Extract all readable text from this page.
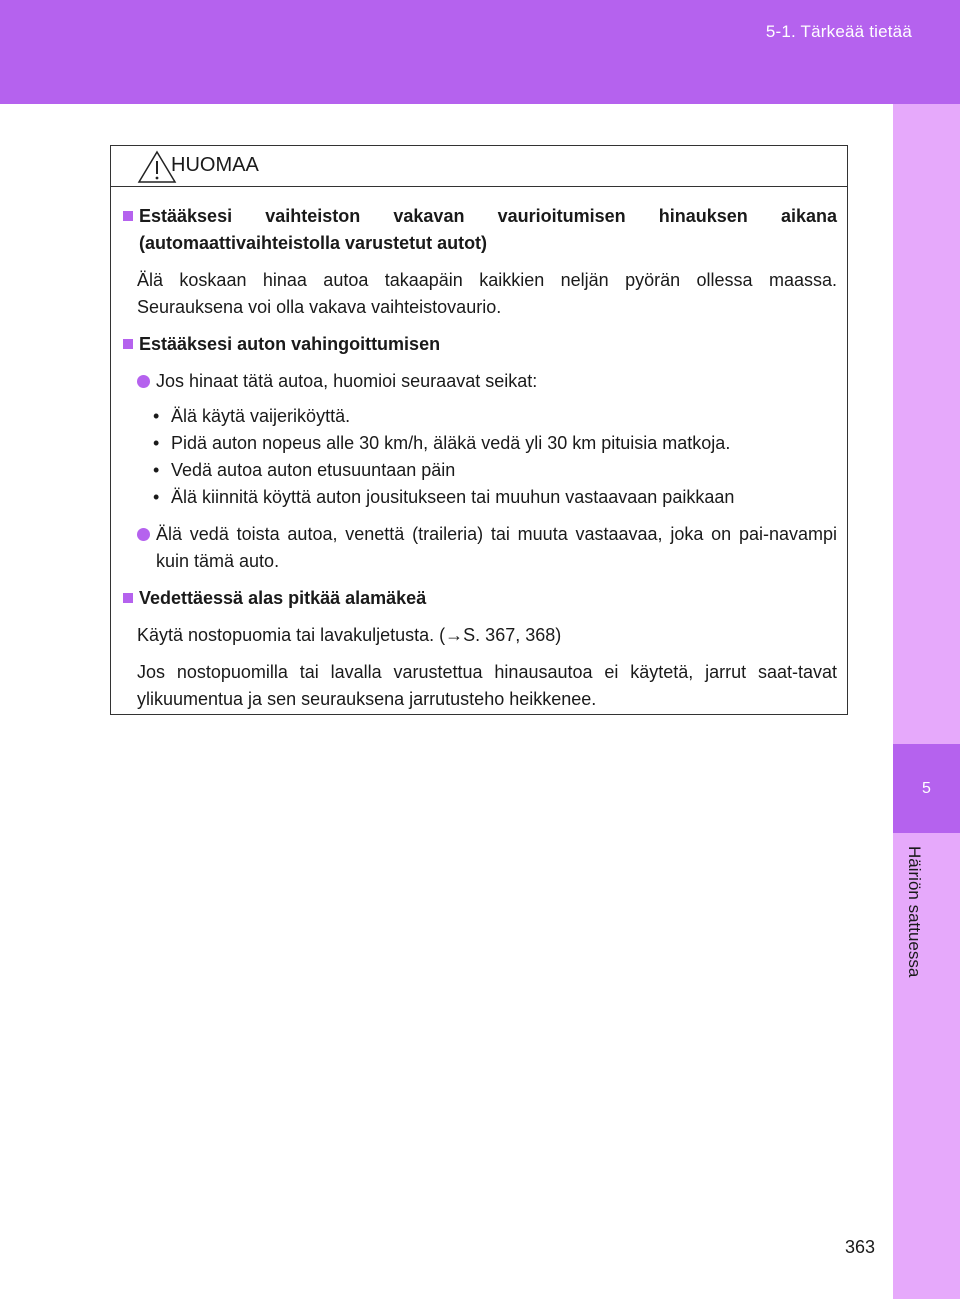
5-1. Tärkeää tietää
5
Häiriön sattuessa
HUOMAA
Estääksesi vaihteiston vakavan vaurioitumisen hinauksen aikana (automaattivaihteistolla varustetut autot)
Älä koskaan hinaa autoa takaapäin kaikkien neljän pyörän ollessa maassa. Seurauksena voi olla vakava vaihteistovaurio.
Estääksesi auton vahingoittumisen
Jos hinaat tätä autoa, huomioi seuraavat seikat:
• Älä käytä vaijeriköyttä.
• Pidä auton nopeus alle 30 km/h, äläkä vedä yli 30 km pituisia matkoja.
• Vedä autoa auton etusuuntaan päin
• Älä kiinnitä köyttä auton jousitukseen tai muuhun vastaavaan paikkaan
Älä vedä toista autoa, venettä (traileria) tai muuta vastaavaa, joka on pai-navampi kuin tämä auto.
Vedettäessä alas pitkää alamäkeä
Käytä nostopuomia tai lavakuljetusta. (→S. 367, 368)
Jos nostopuomilla tai lavalla varustettua hinausautoa ei käytetä, jarrut saat-tavat ylikuumentua ja sen seurauksena jarrutusteho heikkenee.
363
